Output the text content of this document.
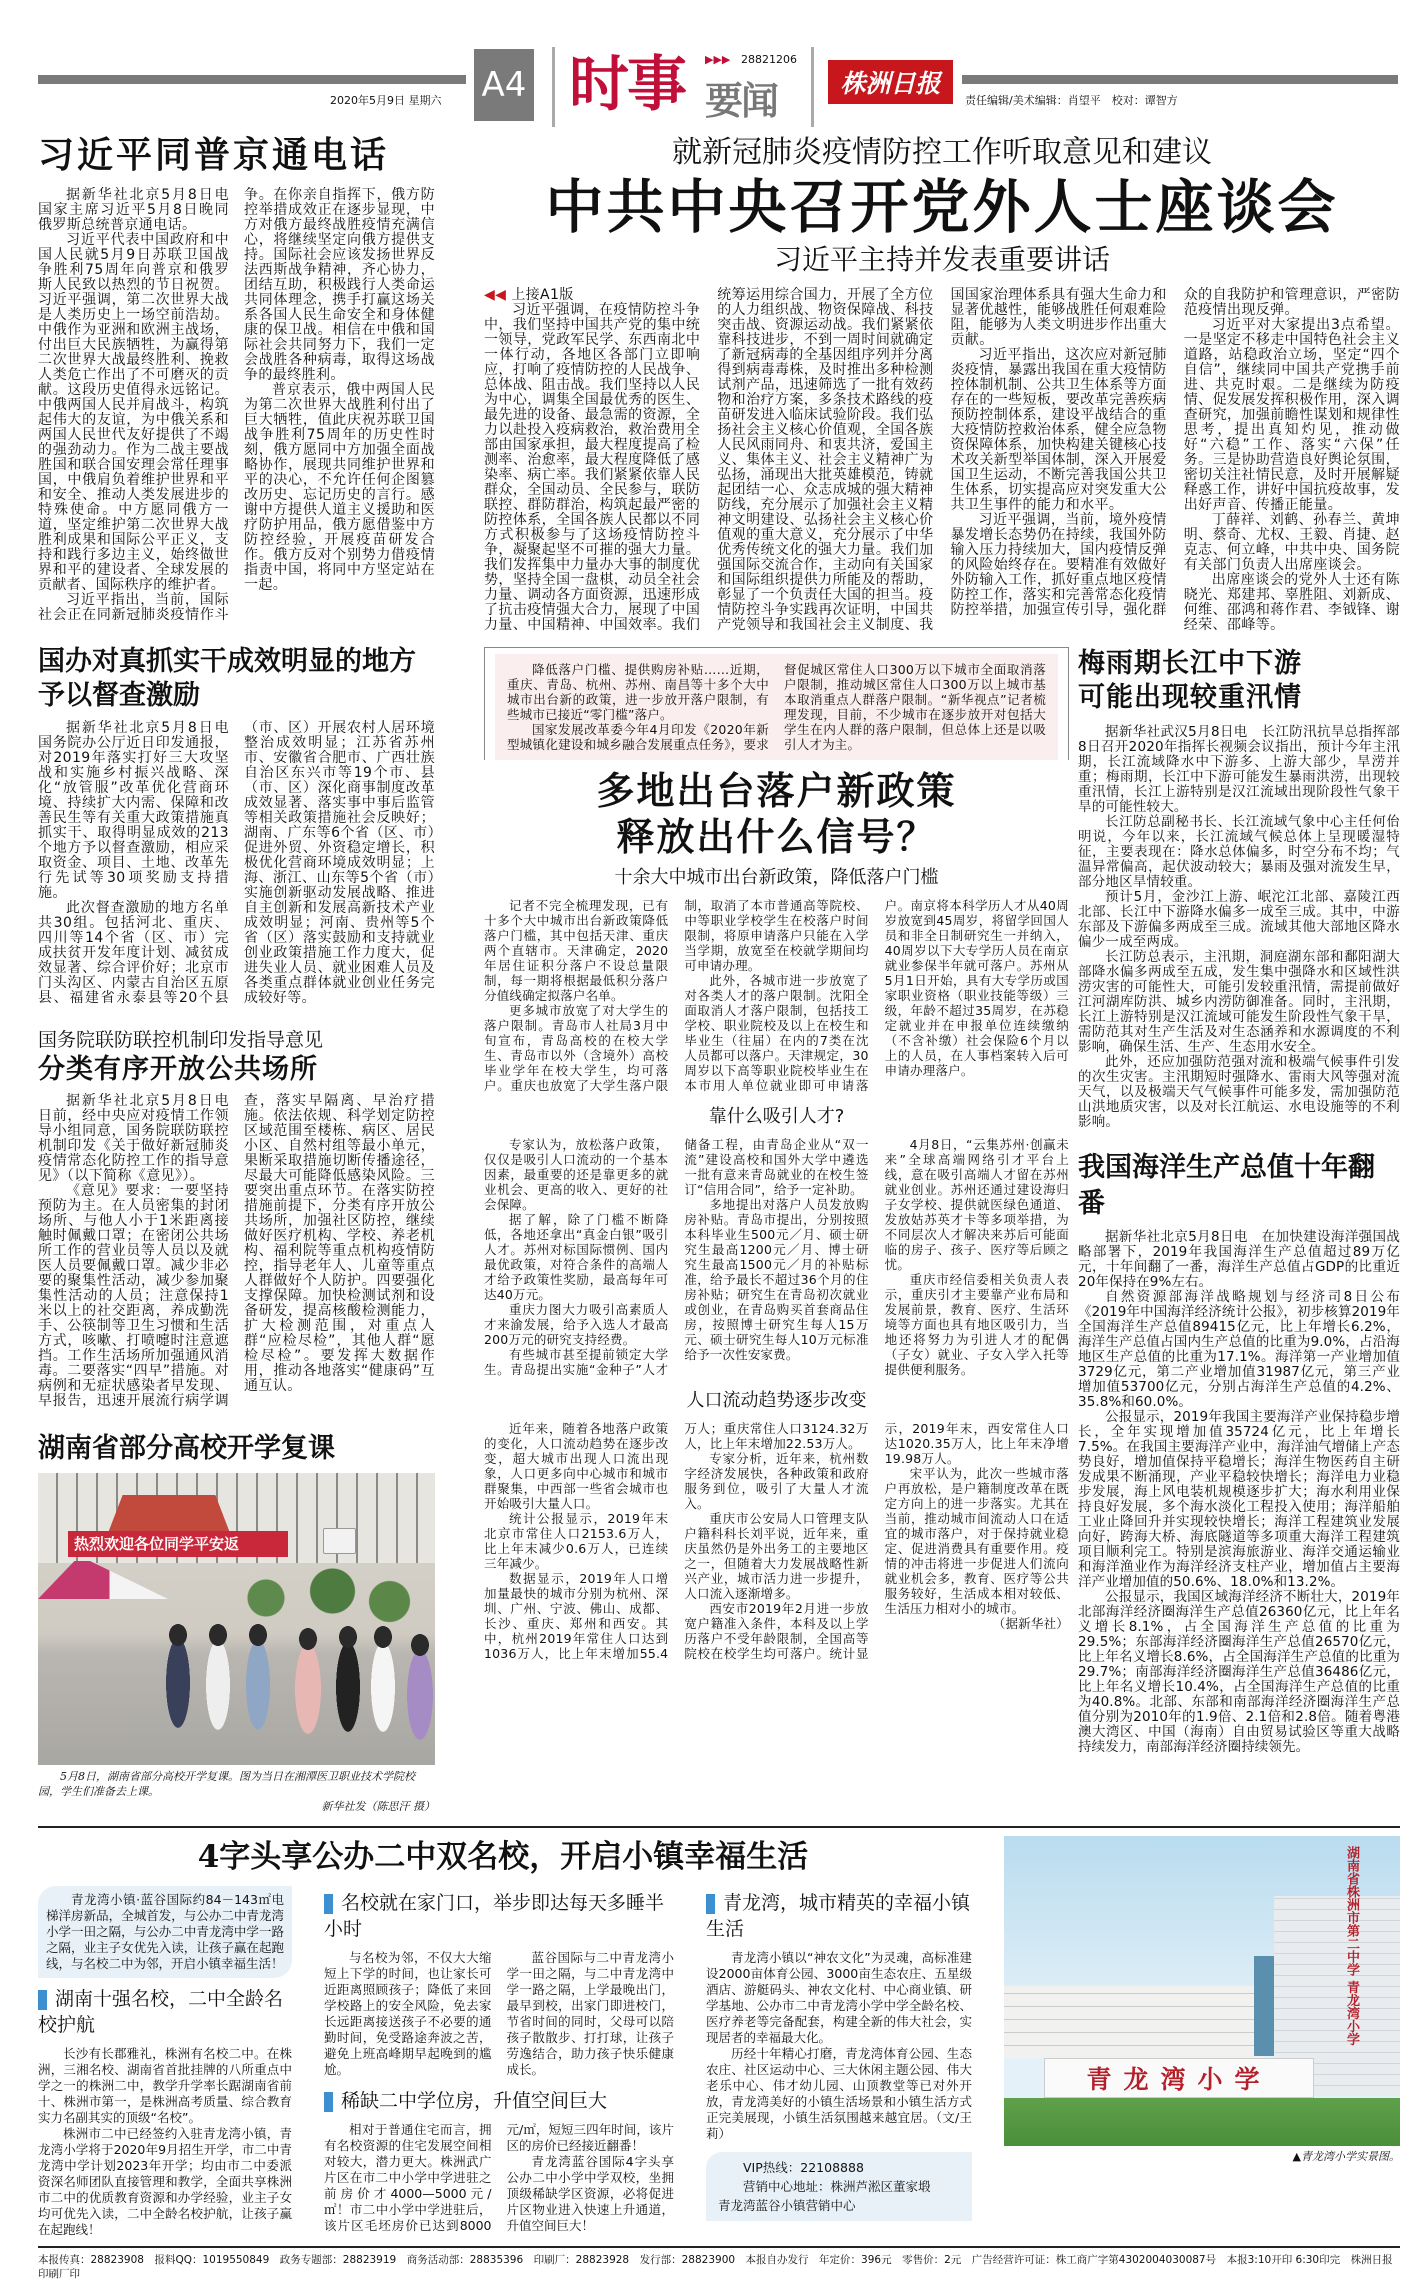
2020年5月9日 星期六 A4 时事 要闻
▶▶▶ 28821206
株洲日报
责任编辑/美术编辑：肖望平　校对：谭智方
习近平同普京通电话

据新华社北京5月8日电　国家主席习近平5月8日晚同俄罗斯总统普京通电话。

习近平代表中国政府和中国人民就5月9日苏联卫国战争胜利75周年向普京和俄罗斯人民致以热烈的节日祝贺。习近平强调，第二次世界大战是人类历史上一场空前浩劫。中俄作为亚洲和欧洲主战场，付出巨大民族牺牲，为赢得第二次世界大战最终胜利、挽救人类危亡作出了不可磨灭的贡献。这段历史值得永远铭记。中俄两国人民并肩战斗，构筑起伟大的友谊，为中俄关系和两国人民世代友好提供了不竭的强劲动力。作为二战主要战胜国和联合国安理会常任理事国，中俄肩负着维护世界和平和安全、推动人类发展进步的特殊使命。中方愿同俄方一道，坚定维护第二次世界大战胜利成果和国际公平正义，支持和践行多边主义，始终做世界和平的建设者、全球发展的贡献者、国际秩序的维护者。

习近平指出，当前，国际社会正在同新冠肺炎疫情作斗争。在你亲自指挥下，俄方防控举措成效正在逐步显现，中方对俄方最终战胜疫情充满信心，将继续坚定向俄方提供支持。国际社会应该发扬世界反法西斯战争精神，齐心协力，团结互助，积极践行人类命运共同体理念，携手打赢这场关系各国人民生命安全和身体健康的保卫战。相信在中俄和国际社会共同努力下，我们一定会战胜各种病毒，取得这场战争的最终胜利。

普京表示，俄中两国人民为第二次世界大战胜利付出了巨大牺牲，值此庆祝苏联卫国战争胜利75周年的历史性时刻，俄方愿同中方加强全面战略协作，展现共同维护世界和平的决心，不允许任何企图篡改历史、忘记历史的言行。感谢中方提供人道主义援助和医疗防护用品，俄方愿借鉴中方防控经验，开展疫苗研发合作。俄方反对个别势力借疫情指责中国，将同中方坚定站在一起。

国办对真抓实干成效明显的地方
予以督查激励

据新华社北京5月8日电　国务院办公厅近日印发通报，对2019年落实打好三大攻坚战和实施乡村振兴战略、深化“放管服”改革优化营商环境、持续扩大内需、保障和改善民生等有关重大政策措施真抓实干、取得明显成效的213个地方予以督查激励，相应采取资金、项目、土地、改革先行先试等30项奖励支持措施。

此次督查激励的地方名单共30组。包括河北、重庆、四川等14个省（区、市）完成扶贫开发年度计划、减贫成效显著、综合评价好；北京市门头沟区、内蒙古自治区五原县、福建省永泰县等20个县（市、区）开展农村人居环境整治成效明显；江苏省苏州市、安徽省合肥市、广西壮族自治区东兴市等19个市、县（市、区）深化商事制度改革成效显著、落实事中事后监管等相关政策措施社会反映好；湖南、广东等6个省（区、市）促进外贸、外资稳定增长，积极优化营商环境成效明显；上海、浙江、山东等5个省（市）实施创新驱动发展战略、推进自主创新和发展高新技术产业成效明显；河南、贵州等5个省（区）落实鼓励和支持就业创业政策措施工作力度大，促进失业人员、就业困难人员及各类重点群体就业创业任务完成较好等。

国务院联防联控机制印发指导意见
分类有序开放公共场所

据新华社北京5月8日电　日前，经中央应对疫情工作领导小组同意，国务院联防联控机制印发《关于做好新冠肺炎疫情常态化防控工作的指导意见》（以下简称《意见》）。

《意见》要求：一要坚持预防为主。在人员密集的封闭场所、与他人小于1米距离接触时佩戴口罩；在密闭公共场所工作的营业员等人员以及就医人员要佩戴口罩。减少非必要的聚集性活动，减少参加聚集性活动的人员；注意保持1米以上的社交距离，养成勤洗手、公筷制等卫生习惯和生活方式，咳嗽、打喷嚏时注意遮挡。工作生活场所加强通风消毒。二要落实“四早”措施。对病例和无症状感染者早发现、早报告，迅速开展流行病学调查，落实早隔离、早治疗措施。依法依规、科学划定防控区域范围至楼栋、病区、居民小区、自然村组等最小单元，果断采取措施切断传播途径，尽最大可能降低感染风险。三要突出重点环节。在落实防控措施前提下，分类有序开放公共场所，加强社区防控，继续做好医疗机构、学校、养老机构、福利院等重点机构疫情防控，指导老年人、儿童等重点人群做好个人防护。四要强化支撑保障。加快检测试剂和设备研发，提高核酸检测能力，扩大检测范围，对重点人群“应检尽检”，其他人群“愿检尽检”。要发挥大数据作用，推动各地落实“健康码”互通互认。

湖南省部分高校开学复课
热烈欢迎各位同学平安返
5月8日，湖南省部分高校开学复课。图为当日在湘潭医卫职业技术学院校园，学生们准备去上课。
新华社发（陈思汗 摄）
就新冠肺炎疫情防控工作听取意见和建议
中共中央召开党外人士座谈会
习近平主持并发表重要讲话
◀◀ 上接A1版

习近平强调，在疫情防控斗争中，我们坚持中国共产党的集中统一领导，党政军民学、东西南北中一体行动，各地区各部门立即响应，打响了疫情防控的人民战争、总体战、阻击战。我们坚持以人民为中心，调集全国最优秀的医生、最先进的设备、最急需的资源，全力以赴投入疫病救治，救治费用全部由国家承担，最大程度提高了检测率、治愈率，最大程度降低了感染率、病亡率。我们紧紧依靠人民群众，全国动员、全民参与，联防联控、群防群治，构筑起最严密的防控体系，全国各族人民都以不同方式积极参与了这场疫情防控斗争，凝聚起坚不可摧的强大力量。我们发挥集中力量办大事的制度优势，坚持全国一盘棋，动员全社会力量、调动各方面资源，迅速形成了抗击疫情强大合力，展现了中国力量、中国精神、中国效率。我们统筹运用综合国力，开展了全方位的人力组织战、物资保障战、科技突击战、资源运动战。我们紧紧依靠科技进步，不到一周时间就确定了新冠病毒的全基因组序列并分离得到病毒毒株，及时推出多种检测试剂产品，迅速筛选了一批有效药物和治疗方案，多条技术路线的疫苗研发进入临床试验阶段。我们弘扬社会主义核心价值观，全国各族人民风雨同舟、和衷共济，爱国主义、集体主义、社会主义精神广为弘扬，涌现出大批英雄模范，铸就起团结一心、众志成城的强大精神防线，充分展示了加强社会主义精神文明建设、弘扬社会主义核心价值观的重大意义，充分展示了中华优秀传统文化的强大力量。我们加强国际交流合作，主动向有关国家和国际组织提供力所能及的帮助，彰显了一个负责任大国的担当。疫情防控斗争实践再次证明，中国共产党领导和我国社会主义制度、我国国家治理体系具有强大生命力和显著优越性，能够战胜任何艰难险阻，能够为人类文明进步作出重大贡献。

习近平指出，这次应对新冠肺炎疫情，暴露出我国在重大疫情防控体制机制、公共卫生体系等方面存在的一些短板，要改革完善疾病预防控制体系，建设平战结合的重大疫情防控救治体系，健全应急物资保障体系，加快构建关键核心技术攻关新型举国体制，深入开展爱国卫生运动，不断完善我国公共卫生体系，切实提高应对突发重大公共卫生事件的能力和水平。

习近平强调，当前，境外疫情暴发增长态势仍在持续，我国外防输入压力持续加大，国内疫情反弹的风险始终存在。要精准有效做好外防输入工作，抓好重点地区疫情防控工作，落实和完善常态化疫情防控举措，加强宣传引导，强化群众的自我防护和管理意识，严密防范疫情出现反弹。

习近平对大家提出3点希望。一是坚定不移走中国特色社会主义道路，站稳政治立场，坚定“四个自信”，继续同中国共产党携手前进、共克时艰。二是继续为防疫情、促发展发挥积极作用，深入调查研究，加强前瞻性谋划和规律性思考，提出真知灼见，推动做好“六稳”工作、落实“六保”任务。三是协助营造良好舆论氛围，密切关注社情民意，及时开展解疑释惑工作，讲好中国抗疫故事，发出好声音、传播正能量。

丁薛祥、刘鹤、孙春兰、黄坤明、蔡奇、尤权、王毅、肖捷、赵克志、何立峰，中共中央、国务院有关部门负责人出席座谈会。

出席座谈会的党外人士还有陈晓光、郑建邦、辜胜阻、刘新成、何维、邵鸿和蒋作君、李钺锋、谢经荣、邵峰等。

降低落户门槛、提供购房补贴……近期，重庆、青岛、杭州、苏州、南昌等十多个大中城市出台新的政策，进一步放开落户限制，有些城市已接近“零门槛”落户。

国家发展改革委今年4月印发《2020年新型城镇化建设和城乡融合发展重点任务》，要求督促城区常住人口300万以下城市全面取消落户限制，推动城区常住人口300万以上城市基本取消重点人群落户限制。“新华视点”记者梳理发现，目前，不少城市在逐步放开对包括大学生在内人群的落户限制，但总体上还是以吸引人才为主。

多地出台落户新政策
释放出什么信号？
十余大中城市出台新政策，降低落户门槛

记者不完全梳理发现，已有十多个大中城市出台新政策降低落户门槛，其中包括天津、重庆两个直辖市。天津确定，2020年居住证积分落户不设总量限制，每一期将根据最低积分落户分值线确定拟落户名单。

更多城市放宽了对大学生的落户限制。青岛市人社局3月中旬宣布，青岛高校的在校大学生、青岛市以外（含境外）高校毕业学年在校大学生，均可落户。重庆也放宽了大学生落户限制，取消了本市普通高等院校、中等职业学校学生在校落户时间限制，将原申请落户只能在入学当学期，放宽至在校就学期间均可申请办理。

此外，各城市进一步放宽了对各类人才的落户限制。沈阳全面取消人才落户限制，包括技工学校、职业院校及以上在校生和毕业生（往届）在内的7类在沈人员都可以落户。天津规定，30周岁以下高等职业院校毕业生在本市用人单位就业即可申请落户。南京将本科学历人才从40周岁放宽到45周岁，将留学回国人员和非全日制研究生一并纳入，40周岁以下大专学历人员在南京就业参保半年就可落户。苏州从5月1日开始，具有大专学历或国家职业资格（职业技能等级）三级，年龄不超过35周岁，在苏稳定就业并在申报单位连续缴纳（不含补缴）社会保险6个月以上的人员，在人事档案转入后可申请办理落户。

靠什么吸引人才?

专家认为，放松落户政策，仅仅是吸引人口流动的一个基本因素，最重要的还是靠更多的就业机会、更高的收入、更好的社会保障。

据了解，除了门槛不断降低，各地还拿出“真金白银”吸引人才。苏州对标国际惯例、国内最优政策，对符合条件的高端人才给予政策性奖励，最高每年可达40万元。

重庆力图大力吸引高素质人才来渝发展，给予入选人才最高200万元的研究支持经费。

有些城市甚至提前锁定大学生。青岛提出实施“金种子”人才储备工程，由青岛企业从“双一流”建设高校和国外大学中遴选一批有意来青岛就业的在校生签订“信用合同”，给予一定补助。

多地提出对落户人员发放购房补贴。青岛市提出，分别按照本科毕业生500元／月、硕士研究生最高1200元／月、博士研究生最高1500元／月的补贴标准，给予最长不超过36个月的住房补贴；研究生在青岛初次就业或创业，在青岛购买首套商品住房，按照博士研究生每人15万元、硕士研究生每人10万元标准给予一次性安家费。

4月8日，“云集苏州·创赢未来”全球高端网络引才平台上线，意在吸引高端人才留在苏州就业创业。苏州还通过建设海归子女学校、提供就医绿色通道、发放姑苏英才卡等多项举措，为不同层次人才解决来苏后可能面临的房子、孩子、医疗等后顾之忧。

重庆市经信委相关负责人表示，重庆引才主要靠产业布局和发展前景，教育、医疗、生活环境等方面也具有地区吸引力，当地还将努力为引进人才的配偶（子女）就业、子女入学入托等提供便利服务。

人口流动趋势逐步改变

近年来，随着各地落户政策的变化，人口流动趋势在逐步改变，超大城市出现人口流出现象，人口更多向中心城市和城市群聚集，中西部一些省会城市也开始吸引大量人口。

统计公报显示，2019年末北京市常住人口2153.6万人，比上年末减少0.6万人，已连续三年减少。

数据显示，2019年人口增加量最快的城市分别为杭州、深圳、广州、宁波、佛山、成都、长沙、重庆、郑州和西安。其中，杭州2019年常住人口达到1036万人，比上年末增加55.4万人；重庆常住人口3124.32万人，比上年末增加22.53万人。

专家分析，近年来，杭州数字经济发展快，各种政策和政府服务到位，吸引了大量人才流入。

重庆市公安局人口管理支队户籍科科长刘平说，近年来，重庆虽然仍是外出务工的主要地区之一，但随着大力发展战略性新兴产业，城市活力进一步提升，人口流入逐渐增多。

西安市2019年2月进一步放宽户籍准入条件，本科及以上学历落户不受年龄限制，全国高等院校在校学生均可落户。统计显示，2019年末，西安常住人口达1020.35万人，比上年末净增19.98万人。

宋平认为，此次一些城市落户再放松，是户籍制度改革在既定方向上的进一步落实。尤其在当前，推动城市间流动人口在适宜的城市落户，对于保持就业稳定、促进消费具有重要作用。疫情的冲击将进一步促进人们流向就业机会多，教育、医疗等公共服务较好，生活成本相对较低、生活压力相对小的城市。

（据新华社）
梅雨期长江中下游
可能出现较重汛情

据新华社武汉5月8日电　长江防汛抗旱总指挥部8日召开2020年指挥长视频会议指出，预计今年主汛期，长江流域降水中下游多、上游大部少，旱涝并重；梅雨期，长江中下游可能发生暴雨洪涝，出现较重汛情，长江上游特别是汉江流域出现阶段性气象干旱的可能性较大。

长江防总副秘书长、长江流域气象中心主任何佁明说，今年以来，长江流域气候总体上呈现暖湿特征，主要表现在：降水总体偏多，时空分布不均；气温异常偏高，起伏波动较大；暴雨及强对流发生早，部分地区旱情较重。

预计5月，金沙江上游、岷沱江北部、嘉陵江西北部、长江中下游降水偏多一成至三成。其中，中游东部及下游偏多两成至三成。流域其他大部地区降水偏少一成至两成。

长江防总表示，主汛期，洞庭湖东部和鄱阳湖大部降水偏多两成至五成，发生集中强降水和区域性洪涝灾害的可能性大，可能引发较重汛情，需提前做好江河湖库防洪、城乡内涝防御准备。同时，主汛期，长江上游特别是汉江流域可能发生阶段性气象干旱，需防范其对生产生活及对生态涵养和水源调度的不利影响，确保生活、生产、生态用水安全。

此外，还应加强防范强对流和极端气候事件引发的次生灾害。主汛期短时强降水、雷雨大风等强对流天气，以及极端天气气候事件可能多发，需加强防范山洪地质灾害，以及对长江航运、水电设施等的不利影响。

我国海洋生产总值十年翻番

据新华社北京5月8日电　在加快建设海洋强国战略部署下，2019年我国海洋生产总值超过89万亿元，十年间翻了一番，海洋生产总值占GDP的比重近20年保持在9%左右。

自然资源部海洋战略规划与经济司8日公布《2019年中国海洋经济统计公报》，初步核算2019年全国海洋生产总值89415亿元，比上年增长6.2%，海洋生产总值占国内生产总值的比重为9.0%，占沿海地区生产总值的比重为17.1%。海洋第一产业增加值3729亿元，第二产业增加值31987亿元，第三产业增加值53700亿元，分别占海洋生产总值的4.2%、35.8%和60.0%。

公报显示，2019年我国主要海洋产业保持稳步增长，全年实现增加值35724亿元，比上年增长7.5%。在我国主要海洋产业中，海洋油气增储上产态势良好，增加值保持平稳增长；海洋生物医药自主研发成果不断涌现，产业平稳较快增长；海洋电力业稳步发展，海上风电装机规模逐步扩大；海水利用业保持良好发展，多个海水淡化工程投入使用；海洋船舶工业止降回升并实现较快增长；海洋工程建筑业发展向好，跨海大桥、海底隧道等多项重大海洋工程建筑项目顺利完工。特别是滨海旅游业、海洋交通运输业和海洋渔业作为海洋经济支柱产业，增加值占主要海洋产业增加值的50.6%、18.0%和13.2%。

公报显示，我国区域海洋经济不断壮大，2019年北部海洋经济圈海洋生产总值26360亿元，比上年名义增长8.1%，占全国海洋生产总值的比重为29.5%；东部海洋经济圈海洋生产总值26570亿元，比上年名义增长8.6%，占全国海洋生产总值的比重为29.7%；南部海洋经济圈海洋生产总值36486亿元，比上年名义增长10.4%，占全国海洋生产总值的比重为40.8%。北部、东部和南部海洋经济圈海洋生产总值分别为2010年的1.9倍、2.1倍和2.8倍。随着粤港澳大湾区、中国（海南）自由贸易试验区等重大战略持续发力，南部海洋经济圈持续领先。

4字头享公办二中双名校，开启小镇幸福生活

青龙湾小镇·蓝谷国际约84－143㎡电梯洋房新品，全城首发，与公办二中青龙湾小学一田之隔，与公办二中青龙湾中学一路之隔，业主子女优先入读，让孩子赢在起跑线，与名校二中为邻，开启小镇幸福生活！

湖南十强名校，二中全龄名校护航

长沙有长郡雅礼，株洲有名校二中。在株洲，三湘名校、湖南省首批挂牌的八所重点中学之一的株洲二中，教学升学率长踞湖南省前十、株洲市第一，是株洲高考质量、综合教育实力名副其实的顶级“名校”。

株洲市二中已经签约入驻青龙湾小镇，青龙湾小学将于2020年9月招生开学，市二中青龙湾中学计划2023年开学；均由市二中委派资深名师团队直接管理和教学，全面共享株洲市二中的优质教育资源和办学经验，业主子女均可优先入读，二中全龄名校护航，让孩子赢在起跑线！

名校就在家门口，举步即达每天多睡半小时

与名校为邻，不仅大大缩短上下学的时间，也让家长可近距离照顾孩子；降低了来回学校路上的安全风险，免去家长远距离接送孩子不必要的通勤时间，免受路途奔波之苦，避免上班高峰期早起晚到的尴尬。

蓝谷国际与二中青龙湾小学一田之隔，与二中青龙湾中学一路之隔，上学最晚出门，最早到校，出家门即进校门，节省时间的同时，父母可以陪孩子散散步、打打球，让孩子劳逸结合，助力孩子快乐健康成长。

稀缺二中学位房，升值空间巨大

相对于普通住宅而言，拥有名校资源的住宅发展空间相对较大，潜力更大。株洲武广片区在市二中小学中学进驻之前房价才4000—5000元/㎡！市二中小学中学进驻后，该片区毛坯房价已达到8000元/㎡，短短三四年时间，该片区的房价已经接近翻番！

青龙湾蓝谷国际4字头享公办二中小学中学双校，坐拥顶级稀缺学区资源，必将促进片区物业进入快速上升通道，升值空间巨大！

青龙湾，城市精英的幸福小镇生活

青龙湾小镇以“神农文化”为灵魂，高标准建设2000亩体育公园、3000亩生态农庄、五星级酒店、游艇码头、神农文化村、中心商业镇、研学基地、公办市二中青龙湾小学中学全龄名校、医疗养老等完备配套，构建全新的伟大社会，实现居者的幸福最大化。

历经十年精心打磨，青龙湾体育公园、生态农庄、社区运动中心、三大休闲主题公园、伟大老乐中心、伟才幼儿园、山顶教堂等已对外开放，青龙湾美好的小镇生活场景和小镇生活方式正完美展现，小镇生活氛围越来越宜居。（文/王莉）

VIP热线：22108888
营销中心地址：株洲芦淞区董家塅
青龙湾蓝谷小镇营销中心
湖南省株洲市第二中学 青龙湾小学
青龙湾小学
▲青龙湾小学实景图。
本报传真：28823908　报料QQ：1019550849　政务专题部：28823919　商务活动部：28835396　印刷厂：28823928　发行部：28823900　本报自办发行　年定价：396元　零售价：2元　广告经营许可证：株工商广字第4302004030087号　本报3:10开印 6:30印完　株洲日报印刷厂印
